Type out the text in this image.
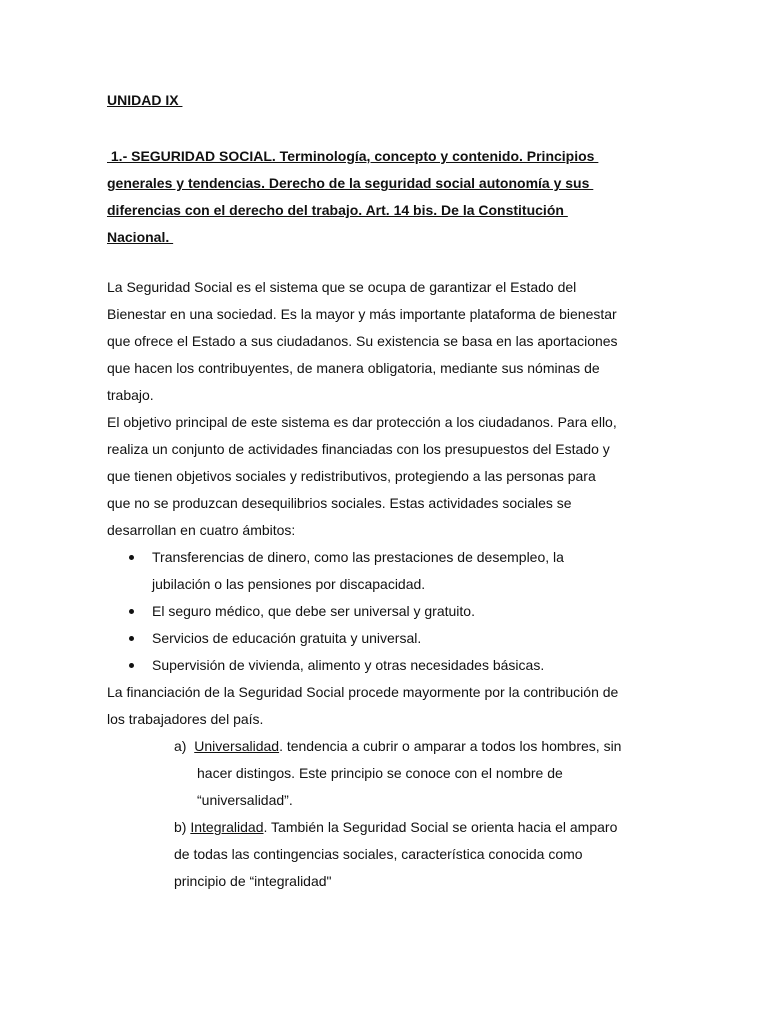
UNIDAD IX
1.- SEGURIDAD SOCIAL. Terminología, concepto y contenido. Principios
generales y tendencias. Derecho de la seguridad social autonomía y sus
diferencias con el derecho del trabajo. Art. 14 bis. De la Constitución
Nacional.
La Seguridad Social es el sistema que se ocupa de garantizar el Estado del
Bienestar en una sociedad. Es la mayor y más importante plataforma de bienestar
que ofrece el Estado a sus ciudadanos. Su existencia se basa en las aportaciones
que hacen los contribuyentes, de manera obligatoria, mediante sus nóminas de
trabajo.
El objetivo principal de este sistema es dar protección a los ciudadanos. Para ello,
realiza un conjunto de actividades financiadas con los presupuestos del Estado y
que tienen objetivos sociales y redistributivos, protegiendo a las personas para
que no se produzcan desequilibrios sociales. Estas actividades sociales se
desarrollan en cuatro ámbitos:
Transferencias de dinero, como las prestaciones de desempleo, la
jubilación o las pensiones por discapacidad.
El seguro médico, que debe ser universal y gratuito.
Servicios de educación gratuita y universal.
Supervisión de vivienda, alimento y otras necesidades básicas.
La financiación de la Seguridad Social procede mayormente por la contribución de
los trabajadores del país.
a)  Universalidad. tendencia a cubrir o amparar a todos los hombres, sin
hacer distingos. Este principio se conoce con el nombre de
“universalidad”.
b) Integralidad. También la Seguridad Social se orienta hacia el amparo
de todas las contingencias sociales, característica conocida como
principio de “integralidad"
